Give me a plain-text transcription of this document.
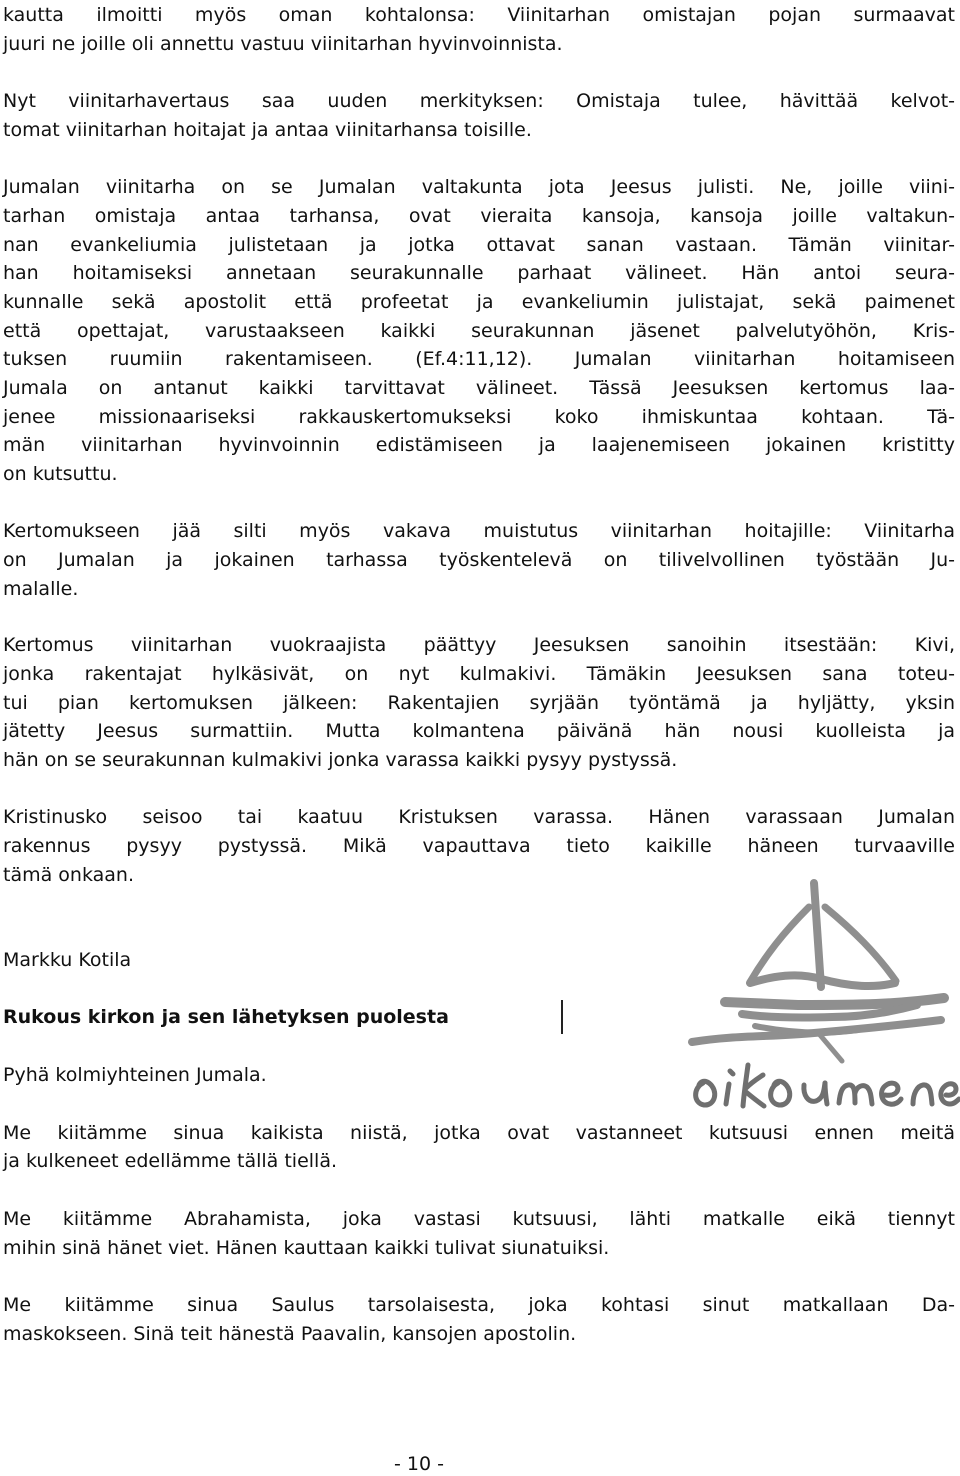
kautta ilmoitti myös oman kohtalonsa: Viinitarhan omistajan pojan surmaavat
juuri ne joille oli annettu vastuu viinitarhan hyvinvoinnista.
Nyt viinitarhavertaus saa uuden merkityksen: Omistaja tulee, hävittää kelvot-
tomat viinitarhan hoitajat ja antaa viinitarhansa toisille.
Jumalan viinitarha on se Jumalan valtakunta jota Jeesus julisti. Ne, joille viini-
tarhan omistaja antaa tarhansa, ovat vieraita kansoja, kansoja joille valtakun-
nan evankeliumia julistetaan ja jotka ottavat sanan vastaan. Tämän viinitar-
han hoitamiseksi annetaan seurakunnalle parhaat välineet. Hän antoi seura-
kunnalle sekä apostolit että profeetat ja evankeliumin julistajat, sekä paimenet
että opettajat, varustaakseen kaikki seurakunnan jäsenet palvelutyöhön, Kris-
tuksen ruumiin rakentamiseen. (Ef.4:11,12). Jumalan viinitarhan hoitamiseen
Jumala on antanut kaikki tarvittavat välineet. Tässä Jeesuksen kertomus laa-
jenee missionaariseksi rakkauskertomukseksi koko ihmiskuntaa kohtaan. Tä-
män viinitarhan hyvinvoinnin edistämiseen ja laajenemiseen jokainen kristitty
on kutsuttu.
Kertomukseen jää silti myös vakava muistutus viinitarhan hoitajille: Viinitarha
on Jumalan ja jokainen tarhassa työskentelevä on tilivelvollinen työstään Ju-
malalle.
Kertomus viinitarhan vuokraajista päättyy Jeesuksen sanoihin itsestään: Kivi,
jonka rakentajat hylkäsivät, on nyt kulmakivi. Tämäkin Jeesuksen sana toteu-
tui pian kertomuksen jälkeen: Rakentajien syrjään työntämä ja hyljätty, yksin
jätetty Jeesus surmattiin. Mutta kolmantena päivänä hän nousi kuolleista ja
hän on se seurakunnan kulmakivi jonka varassa kaikki pysyy pystyssä.
Kristinusko seisoo tai kaatuu Kristuksen varassa. Hänen varassaan Jumalan
rakennus pysyy pystyssä. Mikä vapauttava tieto kaikille häneen turvaaville
tämä onkaan.
Markku Kotila
Rukous kirkon ja sen lähetyksen puolesta
Pyhä kolmiyhteinen Jumala.
Me kiitämme sinua kaikista niistä, jotka ovat vastanneet kutsuusi ennen meitä
ja kulkeneet edellämme tällä tiellä.
Me kiitämme Abrahamista, joka vastasi kutsuusi, lähti matkalle eikä tiennyt
mihin sinä hänet viet. Hänen kauttaan kaikki tulivat siunatuiksi.
Me kiitämme sinua Saulus tarsolaisesta, joka kohtasi sinut matkallaan Da-
maskokseen. Sinä teit hänestä Paavalin, kansojen apostolin.
- 10 -
